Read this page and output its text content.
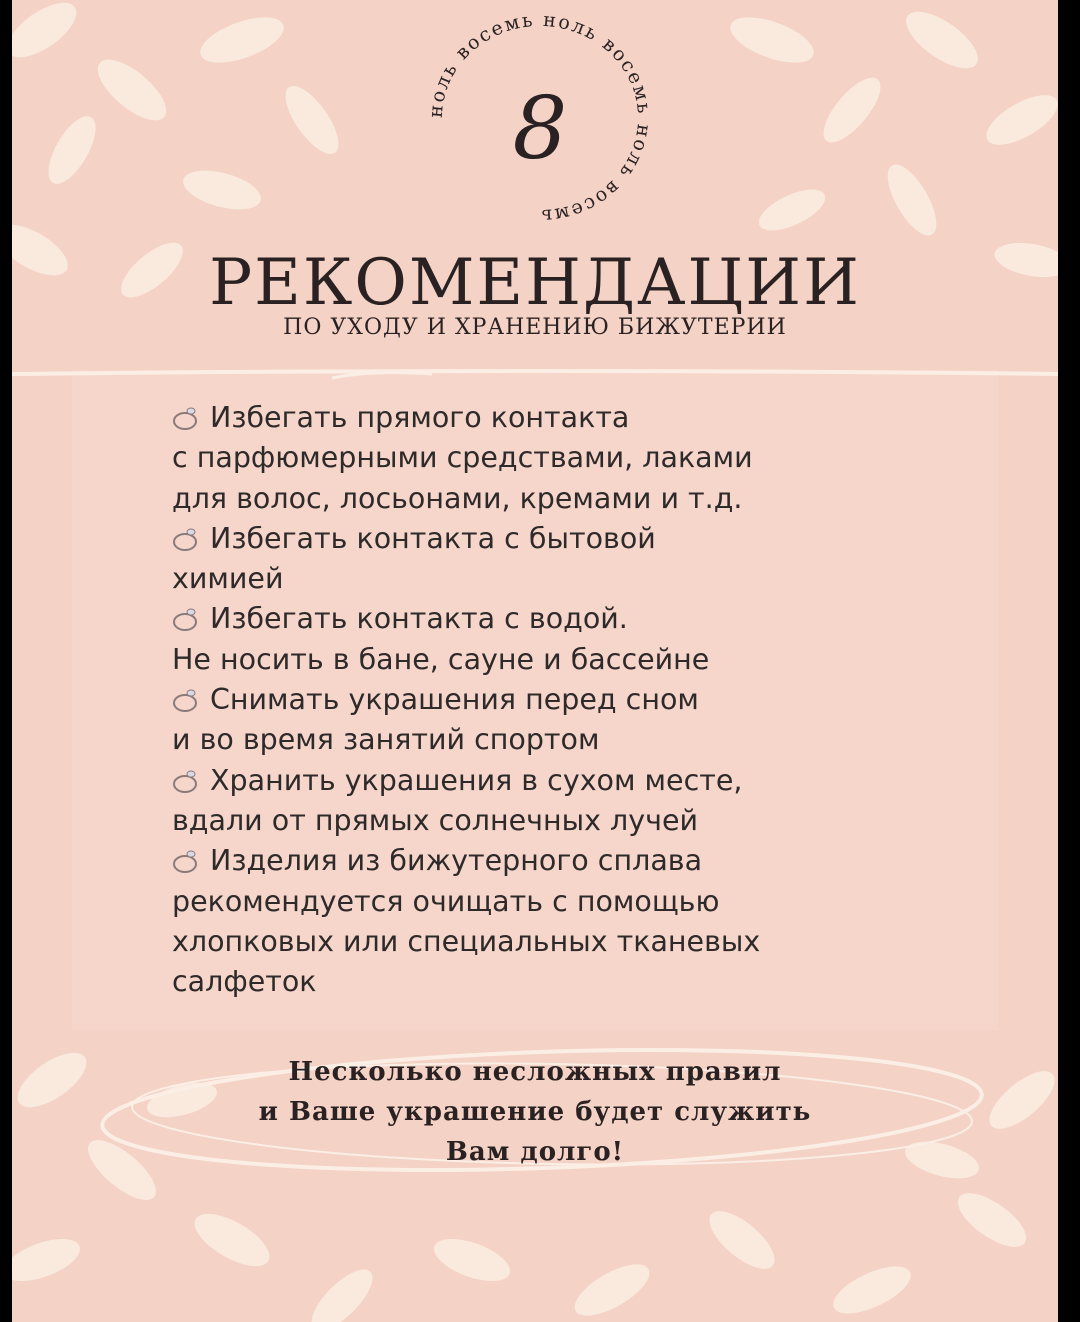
ноль восемь ноль восемь ноль восемь
8
РЕКОМЕНДАЦИИ
ПО УХОДУ И ХРАНЕНИЮ БИЖУТЕРИИ
Избегать прямого контакта
с парфюмерными средствами, лаками
для волос, лосьонами, кремами и т.д.
Избегать контакта с бытовой
химией
Избегать контакта с водой.
Не носить в бане, сауне и бассейне
Снимать украшения перед сном
и во время занятий спортом
Хранить украшения в сухом месте,
вдали от прямых солнечных лучей
Изделия из бижутерного сплава
рекомендуется очищать с помощью
хлопковых или специальных тканевых
салфеток
Несколько несложных правил
и Ваше украшение будет служить
Вам долго!
